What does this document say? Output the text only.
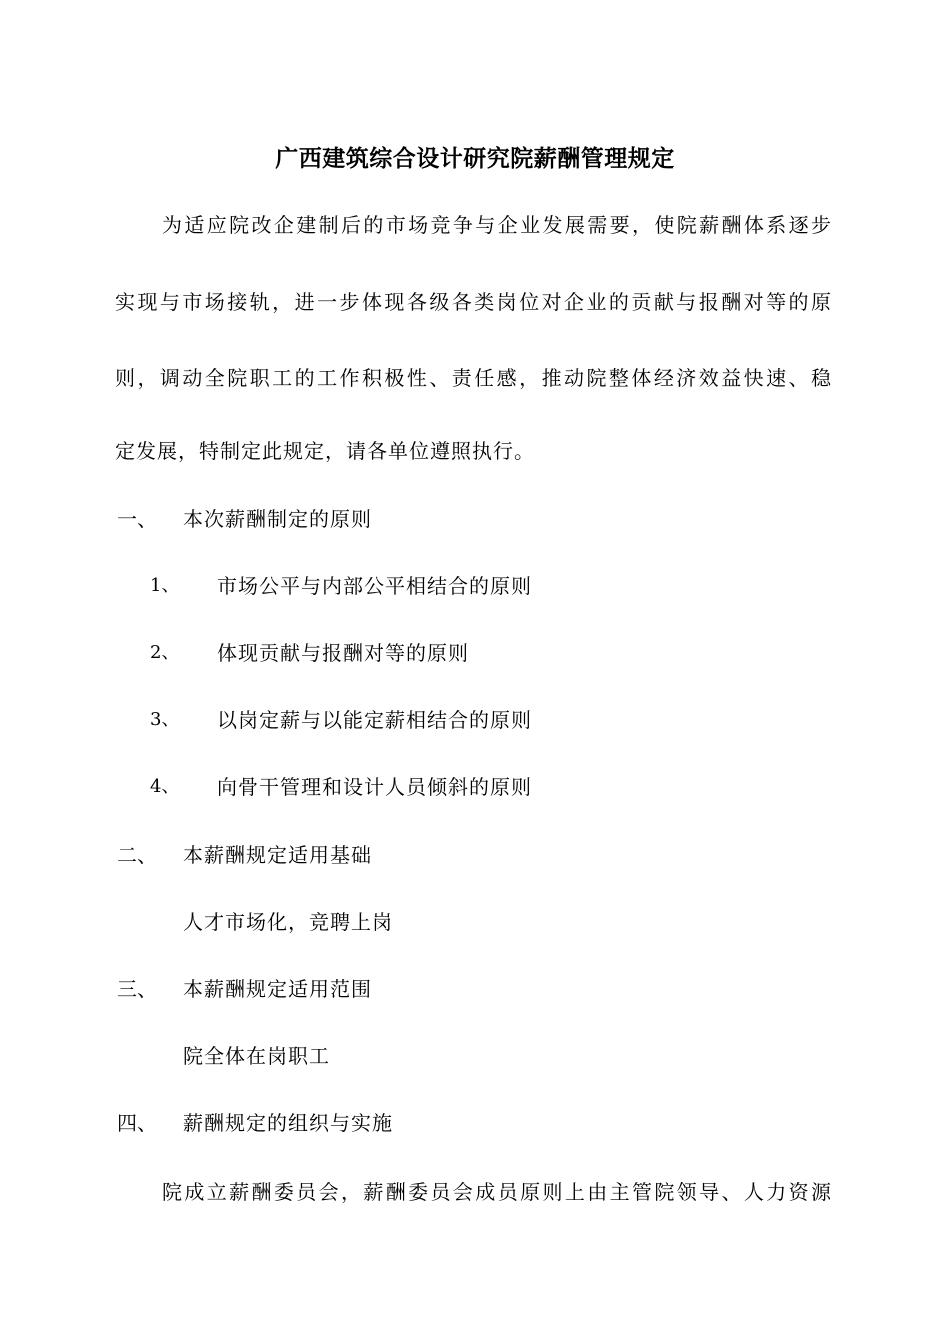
广西建筑综合设计研究院薪酬管理规定
为适应院改企建制后的市场竞争与企业发展需要，使院薪酬体系逐步
实现与市场接轨，进一步体现各级各类岗位对企业的贡献与报酬对等的原
则，调动全院职工的工作积极性、责任感，推动院整体经济效益快速、稳
定发展，特制定此规定，请各单位遵照执行。
一、 本次薪酬制定的原则
1、 市场公平与内部公平相结合的原则
2、 体现贡献与报酬对等的原则
3、 以岗定薪与以能定薪相结合的原则
4、 向骨干管理和设计人员倾斜的原则
二、 本薪酬规定适用基础
人才市场化，竞聘上岗
三、 本薪酬规定适用范围
院全体在岗职工
四、 薪酬规定的组织与实施
院成立薪酬委员会，薪酬委员会成员原则上由主管院领导、人力资源
